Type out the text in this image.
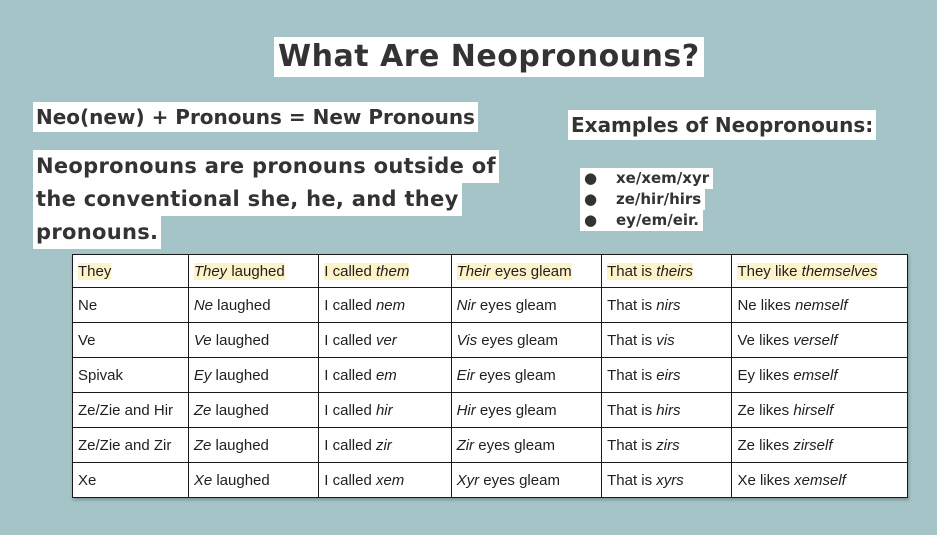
What Are Neopronouns?
Neo(new) + Pronouns = New Pronouns
Neopronouns are pronouns outside of
the conventional she, he, and they
pronouns.
Examples of Neopronouns:
● xe/xem/xyr
● ze/hir/hirs
● ey/em/eir.
They	They laughed	I called them	Their eyes gleam	That is theirs	They like themselves
Ne	Ne laughed	I called nem	Nir eyes gleam	That is nirs	Ne likes nemself
Ve	Ve laughed	I called ver	Vis eyes gleam	That is vis	Ve likes verself
Spivak	Ey laughed	I called em	Eir eyes gleam	That is eirs	Ey likes emself
Ze/Zie and Hir	Ze laughed	I called hir	Hir eyes gleam	That is hirs	Ze likes hirself
Ze/Zie and Zir	Ze laughed	I called zir	Zir eyes gleam	That is zirs	Ze likes zirself
Xe	Xe laughed	I called xem	Xyr eyes gleam	That is xyrs	Xe likes xemself
